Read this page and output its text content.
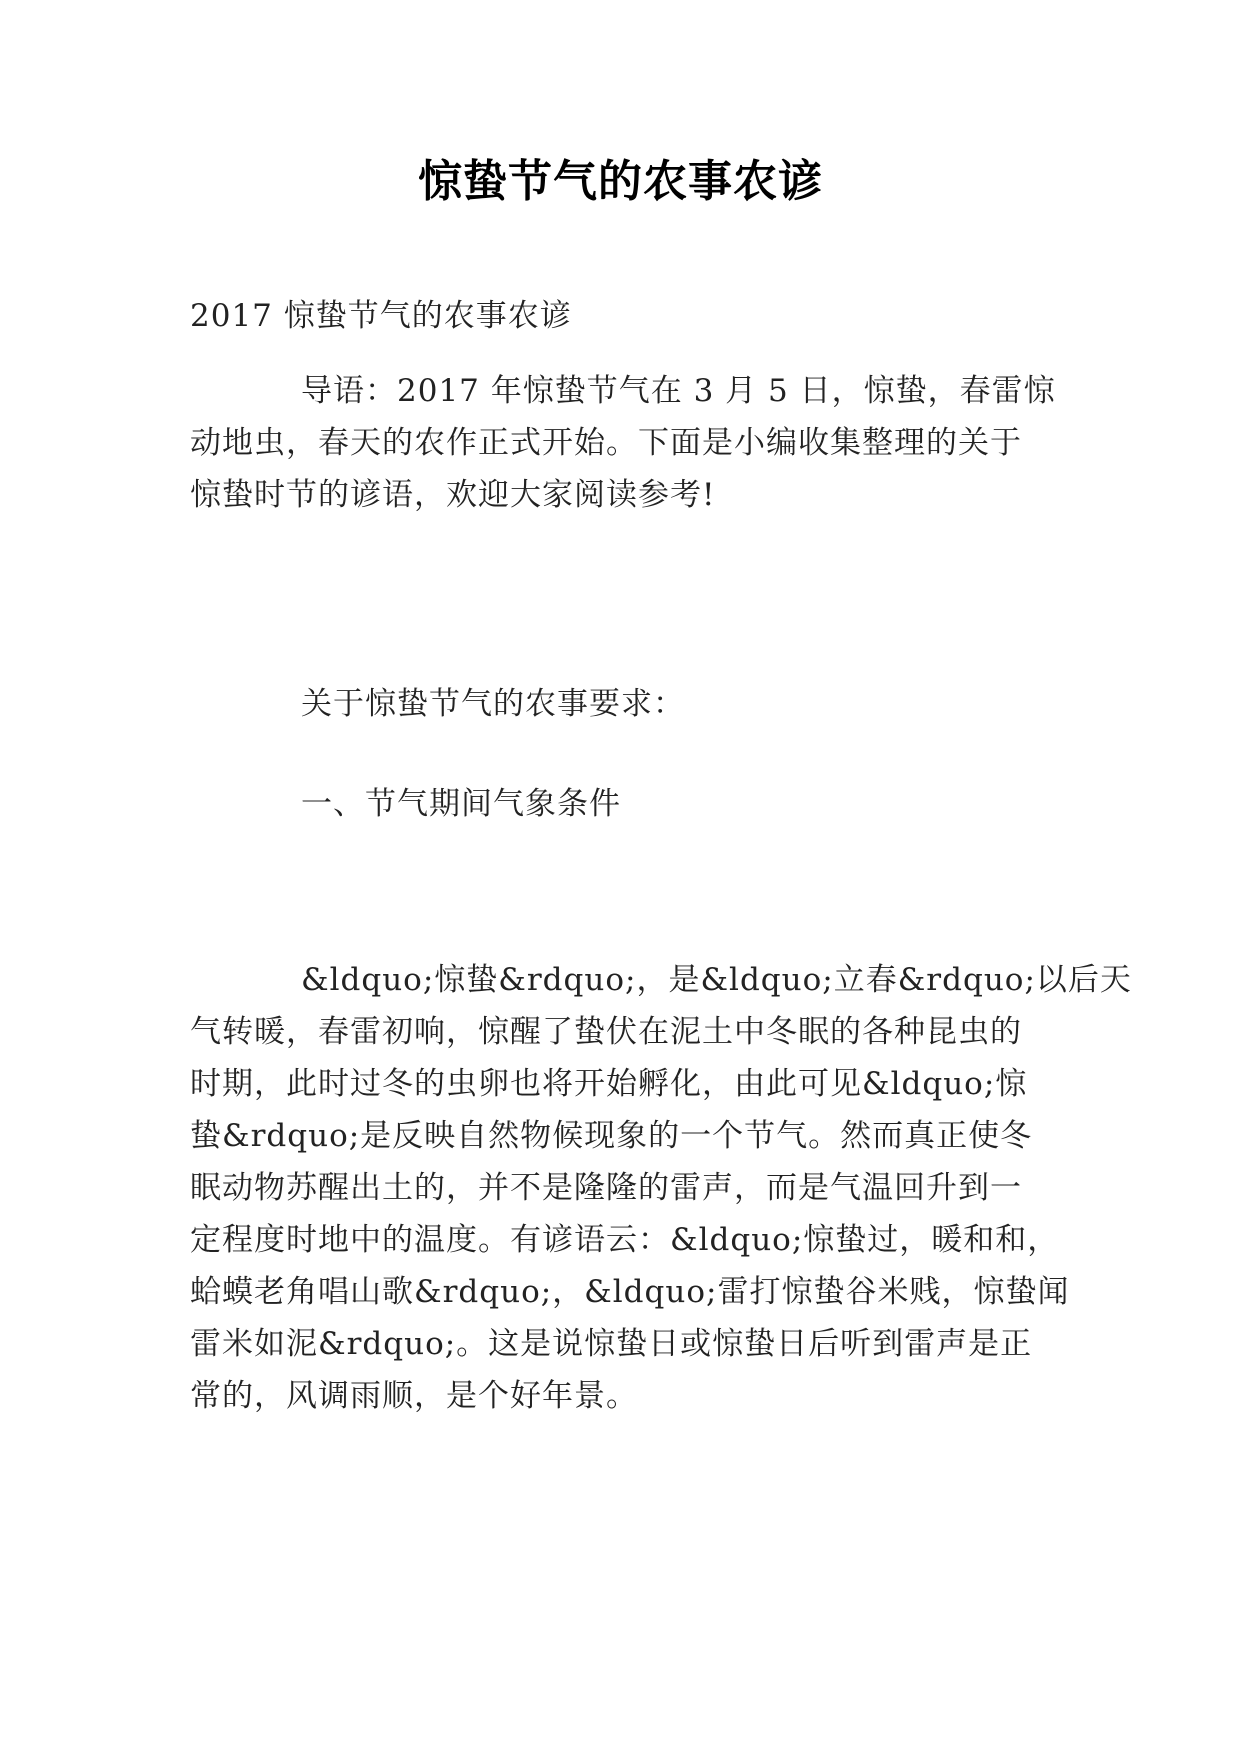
惊蛰节气的农事农谚
2017 惊蛰节气的农事农谚
导语：2017 年惊蛰节气在 3 月 5 日，惊蛰，春雷惊
动地虫，春天的农作正式开始。下面是小编收集整理的关于
惊蛰时节的谚语，欢迎大家阅读参考!
关于惊蛰节气的农事要求：
一、节气期间气象条件
&ldquo;惊蛰&rdquo;，是&ldquo;立春&rdquo;以后天
气转暖，春雷初响，惊醒了蛰伏在泥土中冬眠的各种昆虫的
时期，此时过冬的虫卵也将开始孵化，由此可见&ldquo;惊
蛰&rdquo;是反映自然物候现象的一个节气。然而真正使冬
眠动物苏醒出土的，并不是隆隆的雷声，而是气温回升到一
定程度时地中的温度。有谚语云：&ldquo;惊蛰过，暖和和，
蛤蟆老角唱山歌&rdquo;，&ldquo;雷打惊蛰谷米贱，惊蛰闻
雷米如泥&rdquo;。这是说惊蛰日或惊蛰日后听到雷声是正
常的，风调雨顺，是个好年景。
